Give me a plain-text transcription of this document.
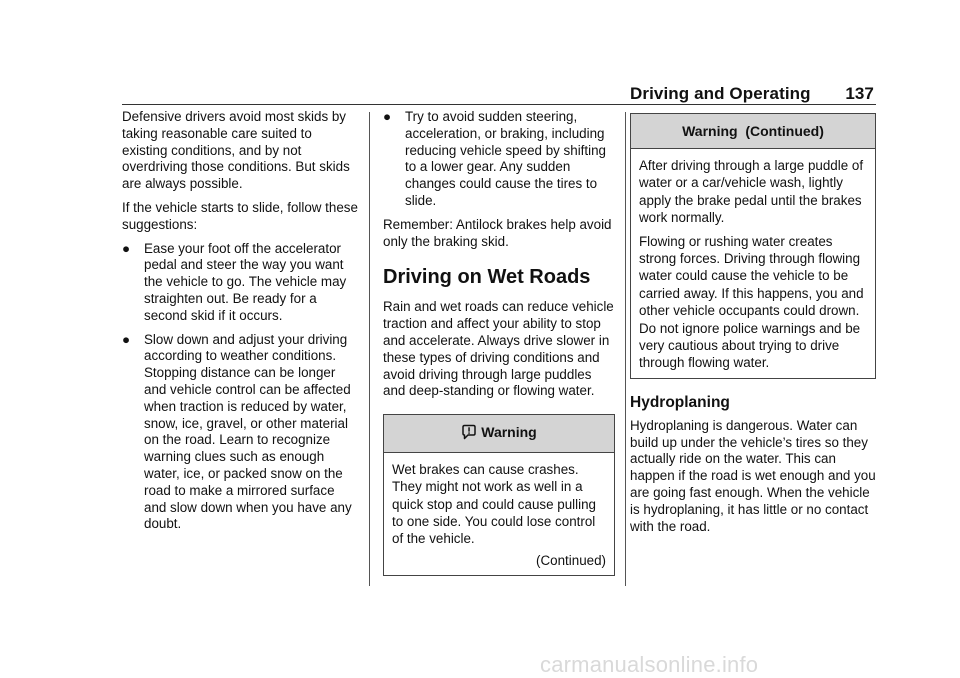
Driving and Operating 137

Defensive drivers avoid most skids by taking reasonable care suited to existing conditions, and by not overdriving those conditions. But skids are always possible.

If the vehicle starts to slide, follow these suggestions:

● Ease your foot off the accelerator pedal and steer the way you want the vehicle to go. The vehicle may straighten out. Be ready for a second skid if it occurs.
● Slow down and adjust your driving according to weather conditions. Stopping distance can be longer and vehicle control can be affected when traction is reduced by water, snow, ice, gravel, or other material on the road. Learn to recognize warning clues such as enough water, ice, or packed snow on the road to make a mirrored surface and slow down when you have any doubt.
● Try to avoid sudden steering, acceleration, or braking, including reducing vehicle speed by shifting to a lower gear. Any sudden changes could cause the tires to slide.

Remember: Antilock brakes help avoid only the braking skid.

Driving on Wet Roads

Rain and wet roads can reduce vehicle traction and affect your ability to stop and accelerate. Always drive slower in these types of driving conditions and avoid driving through large puddles and deep-standing or flowing water.

Warning

Wet brakes can cause crashes. They might not work as well in a quick stop and could cause pulling to one side. You could lose control of the vehicle.

(Continued)
Warning  (Continued)

After driving through a large puddle of water or a car/vehicle wash, lightly apply the brake pedal until the brakes work normally.

Flowing or rushing water creates strong forces. Driving through flowing water could cause the vehicle to be carried away. If this happens, you and other vehicle occupants could drown. Do not ignore police warnings and be very cautious about trying to drive through flowing water.

Hydroplaning

Hydroplaning is dangerous. Water can build up under the vehicle’s tires so they actually ride on the water. This can happen if the road is wet enough and you are going fast enough. When the vehicle is hydroplaning, it has little or no contact with the road.

carmanualsonline.info
